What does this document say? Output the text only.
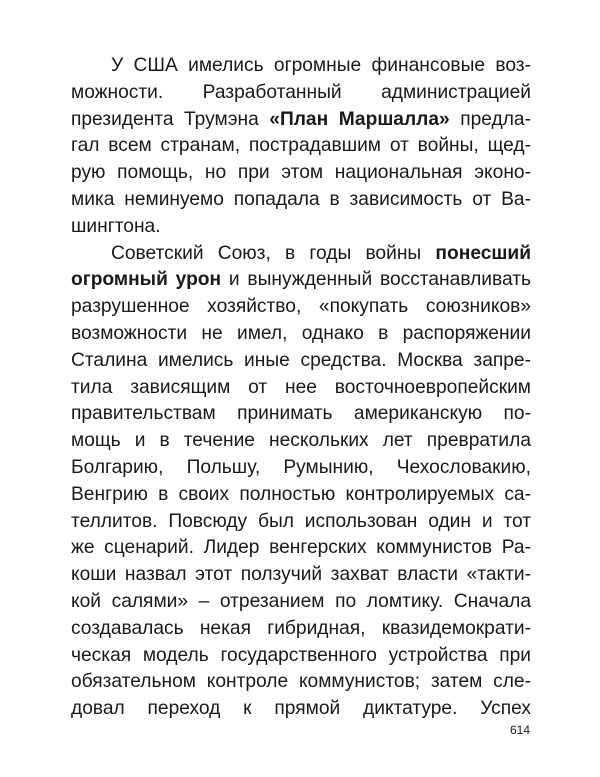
У США имелись огромные финансовые воз-
можности. Разработанный администрацией
президента Трумэна «План Маршалла» предла-
гал всем странам, пострадавшим от войны, щед-
рую помощь, но при этом национальная эконо-
мика неминуемо попадала в зависимость от Ва-
шингтона.
Советский Союз, в годы войны понесший
огромный урон и вынужденный восстанавливать
разрушенное хозяйство, «покупать союзников»
возможности не имел, однако в распоряжении
Сталина имелись иные средства. Москва запре-
тила зависящим от нее восточноевропейским
правительствам принимать американскую по-
мощь и в течение нескольких лет превратила
Болгарию, Польшу, Румынию, Чехословакию,
Венгрию в своих полностью контролируемых са-
теллитов. Повсюду был использован один и тот
же сценарий. Лидер венгерских коммунистов Ра-
коши назвал этот ползучий захват власти «такти-
кой салями» – отрезанием по ломтику. Сначала
создавалась некая гибридная, квазидемократи-
ческая модель государственного устройства при
обязательном контроле коммунистов; затем сле-
довал переход к прямой диктатуре. Успех
614
